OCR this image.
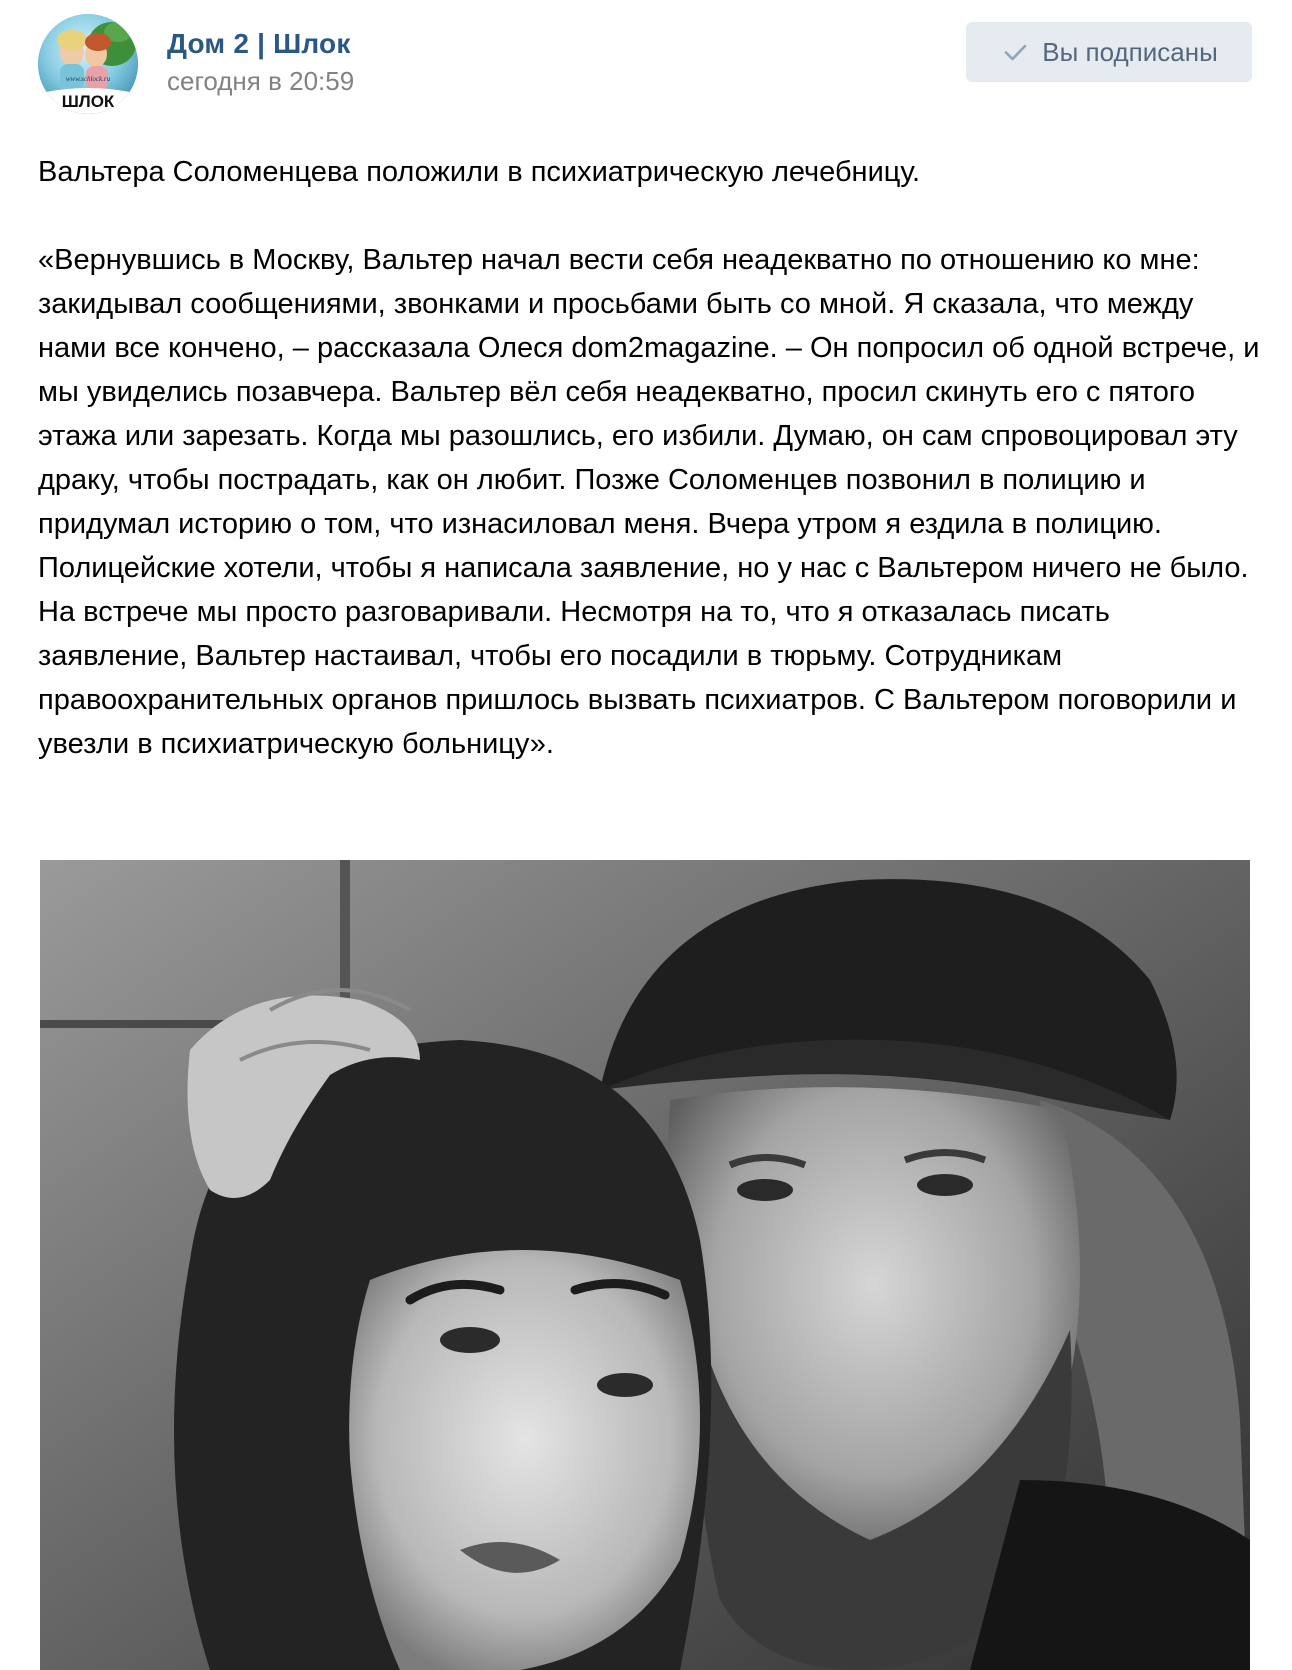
www.schlock.ru
ШЛОК
Дом 2 | Шлок
сегодня в 20:59
Вы подписаны

Вальтера Соломенцева положили в психиатрическую лечебницу.

«Вернувшись в Москву, Вальтер начал вести себя неадекватно по отношению ко мне: закидывал сообщениями, звонками и просьбами быть со мной. Я сказала, что между нами все кончено, – рассказала Олеся dom2magazine. – Он попросил об одной встрече, и мы увиделись позавчера. Вальтер вёл себя неадекватно, просил скинуть его с пятого этажа или зарезать. Когда мы разошлись, его избили. Думаю, он сам спровоцировал эту драку, чтобы пострадать, как он любит. Позже Соломенцев позвонил в полицию и придумал историю о том, что изнасиловал меня. Вчера утром я ездила в полицию. Полицейские хотели, чтобы я написала заявление, но у нас с Вальтером ничего не было. На встрече мы просто разговаривали. Несмотря на то, что я отказалась писать заявление, Вальтер настаивал, чтобы его посадили в тюрьму. Сотрудникам правоохранительных органов пришлось вызвать психиатров. С Вальтером поговорили и увезли в психиатрическую больницу».
